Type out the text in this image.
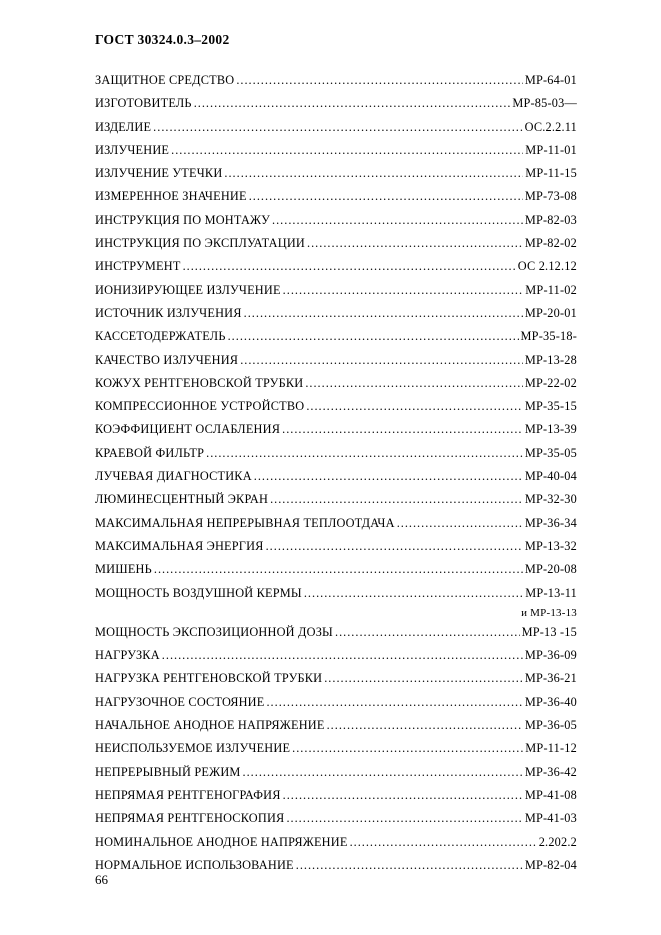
ГОСТ 30324.0.3–2002
ЗАЩИТНОЕ СРЕДСТВО .....	МР-64-01
ИЗГОТОВИТЕЛЬ .....	МР-85-03—
ИЗДЕЛИЕ .....	ОС.2.2.11
ИЗЛУЧЕНИЕ .....	МР-11-01
ИЗЛУЧЕНИЕ УТЕЧКИ .....	МР-11-15
ИЗМЕРЕННОЕ ЗНАЧЕНИЕ .....	МР-73-08
ИНСТРУКЦИЯ ПО МОНТАЖУ .....	МР-82-03
ИНСТРУКЦИЯ ПО ЭКСПЛУАТАЦИИ .....	МР-82-02
ИНСТРУМЕНТ .....	ОС 2.12.12
ИОНИЗИРУЮЩЕЕ ИЗЛУЧЕНИЕ .....	МР-11-02
ИСТОЧНИК ИЗЛУЧЕНИЯ .....	МР-20-01
КАССЕТОДЕРЖАТЕЛЬ .....	МР-35-18-
КАЧЕСТВО ИЗЛУЧЕНИЯ .....	МР-13-28
КОЖУХ РЕНТГЕНОВСКОЙ ТРУБКИ .....	МР-22-02
КОМПРЕССИОННОЕ УСТРОЙСТВО .....	МР-35-15
КОЭФФИЦИЕНТ ОСЛАБЛЕНИЯ .....	МР-13-39
КРАЕВОЙ ФИЛЬТР .....	МР-35-05
ЛУЧЕВАЯ ДИАГНОСТИКА .....	МР-40-04
ЛЮМИНЕСЦЕНТНЫЙ ЭКРАН .....	МР-32-30
МАКСИМАЛЬНАЯ НЕПРЕРЫВНАЯ ТЕПЛООТДАЧА .....	МР-36-34
МАКСИМАЛЬНАЯ ЭНЕРГИЯ .....	МР-13-32
МИШЕНЬ .....	МР-20-08
МОЩНОСТЬ ВОЗДУШНОЙ КЕРМЫ .....	МР-13-11
и МР-13-13
МОЩНОСТЬ ЭКСПОЗИЦИОННОЙ ДОЗЫ .....	МР-13 -15
НАГРУЗКА .....	МР-36-09
НАГРУЗКА РЕНТГЕНОВСКОЙ ТРУБКИ .....	МР-36-21
НАГРУЗОЧНОЕ СОСТОЯНИЕ .....	МР-36-40
НАЧАЛЬНОЕ АНОДНОЕ НАПРЯЖЕНИЕ .....	МР-36-05
НЕИСПОЛЬЗУЕМОЕ ИЗЛУЧЕНИЕ .....	МР-11-12
НЕПРЕРЫВНЫЙ РЕЖИМ .....	МР-36-42
НЕПРЯМАЯ РЕНТГЕНОГРАФИЯ .....	МР-41-08
НЕПРЯМАЯ РЕНТГЕНОСКОПИЯ .....	МР-41-03
НОМИНАЛЬНОЕ АНОДНОЕ НАПРЯЖЕНИЕ .....	2.202.2
НОРМАЛЬНОЕ ИСПОЛЬЗОВАНИЕ .....	МР-82-04
66
